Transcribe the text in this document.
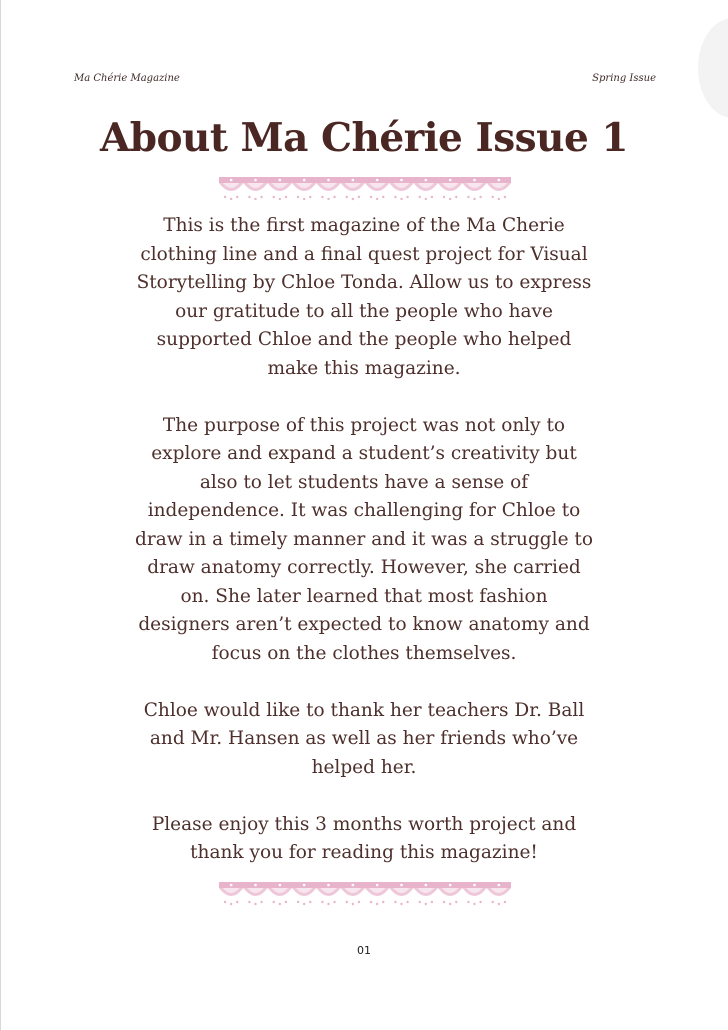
Ma Chérie Magazine	Spring Issue
About Ma Chérie Issue 1

This is the first magazine of the Ma Cherie clothing line and a final quest project for Visual Storytelling by Chloe Tonda. Allow us to express our gratitude to all the people who have supported Chloe and the people who helped make this magazine.

The purpose of this project was not only to explore and expand a student’s creativity but also to let students have a sense of independence. It was challenging for Chloe to draw in a timely manner and it was a struggle to draw anatomy correctly. However, she carried on. She later learned that most fashion designers aren’t expected to know anatomy and focus on the clothes themselves.

Chloe would like to thank her teachers Dr. Ball and Mr. Hansen as well as her friends who’ve helped her.

Please enjoy this 3 months worth project and thank you for reading this magazine!

01
